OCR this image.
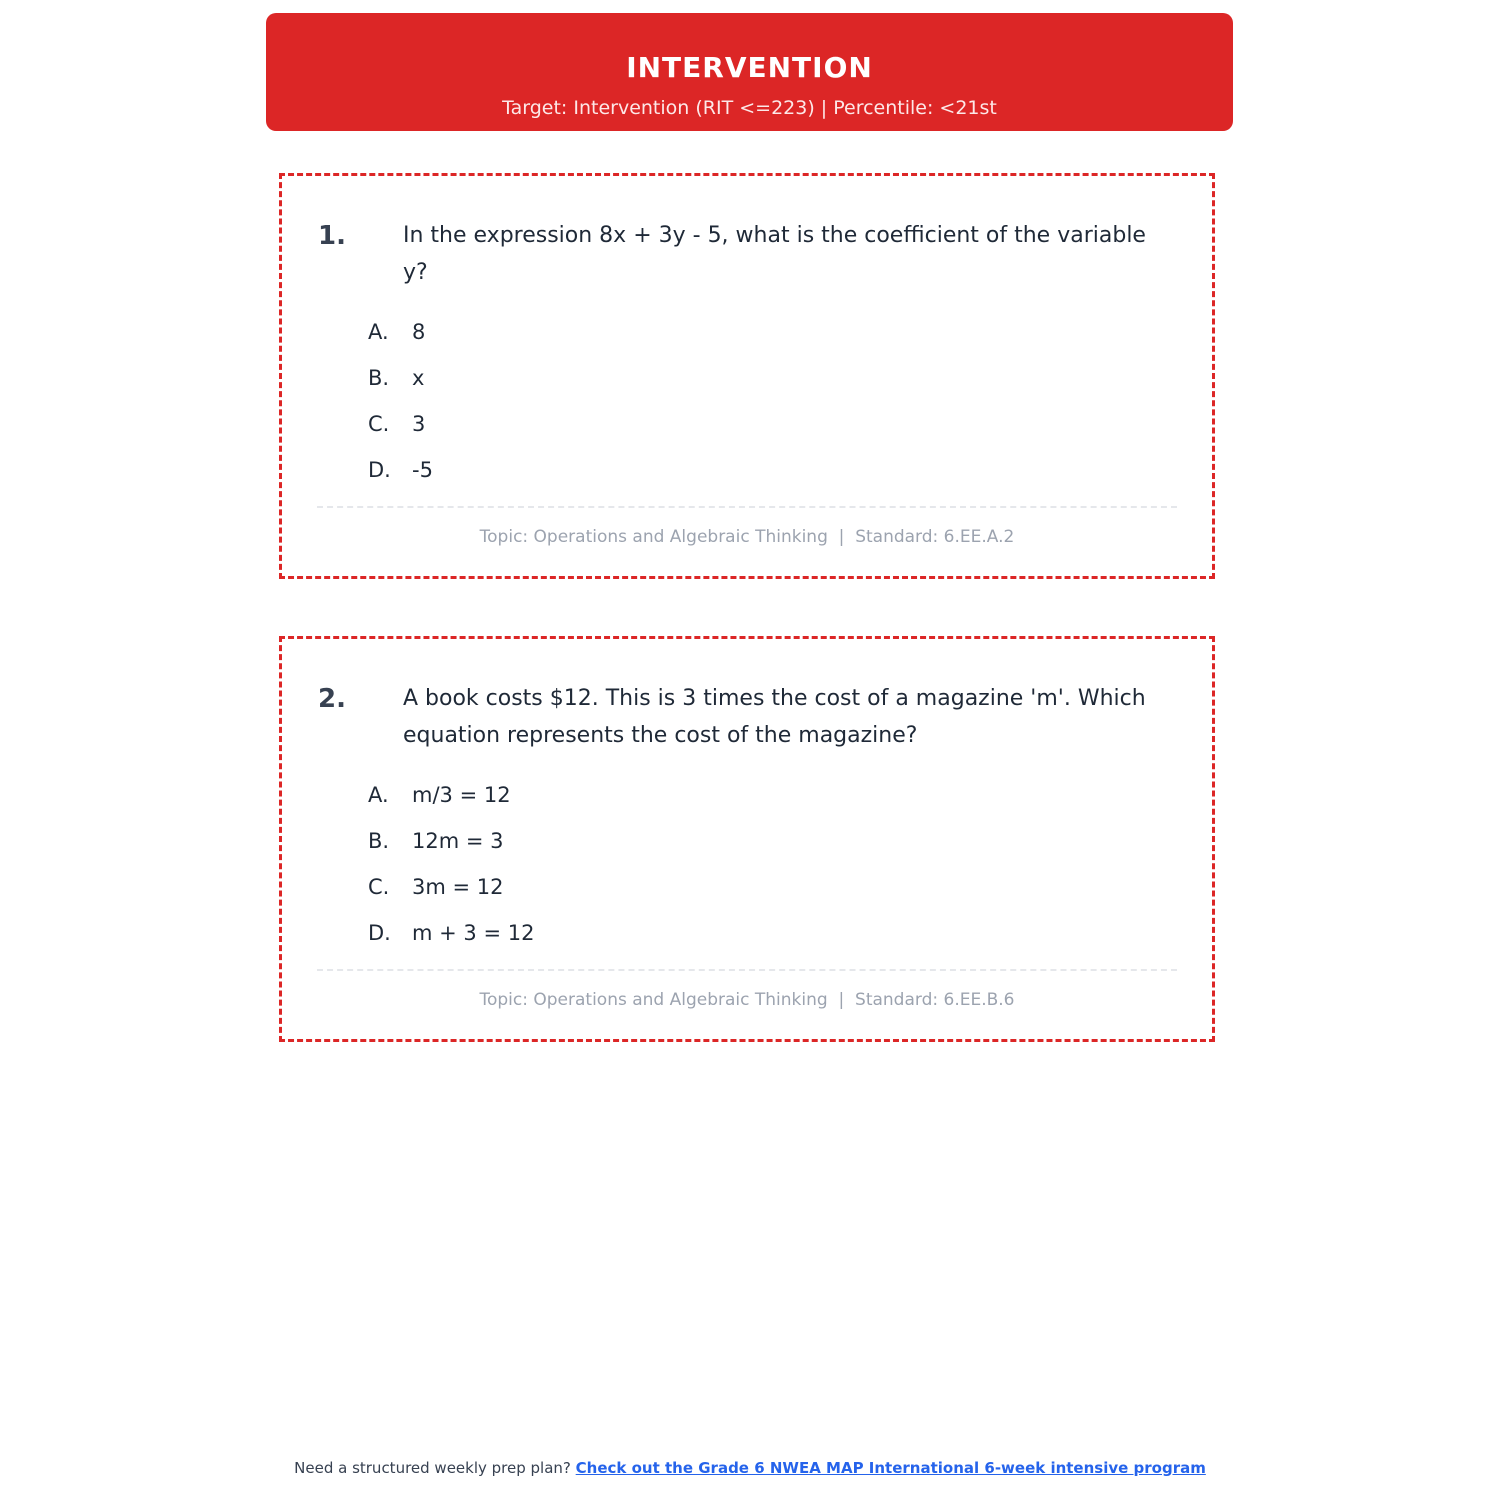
INTERVENTION
Target: Intervention (RIT <=223) | Percentile: <21st
1.	In the expression 8x + 3y - 5, what is the coefficient of the variable y?
A.	8
B.	x
C.	3
D.	-5
Topic: Operations and Algebraic Thinking  |  Standard: 6.EE.A.2
2.	A book costs $12. This is 3 times the cost of a magazine 'm'. Which equation represents the cost of the magazine?
A.	m/3 = 12
B.	12m = 3
C.	3m = 12
D.	m + 3 = 12
Topic: Operations and Algebraic Thinking  |  Standard: 6.EE.B.6
Need a structured weekly prep plan? Check out the Grade 6 NWEA MAP International 6-week intensive program
